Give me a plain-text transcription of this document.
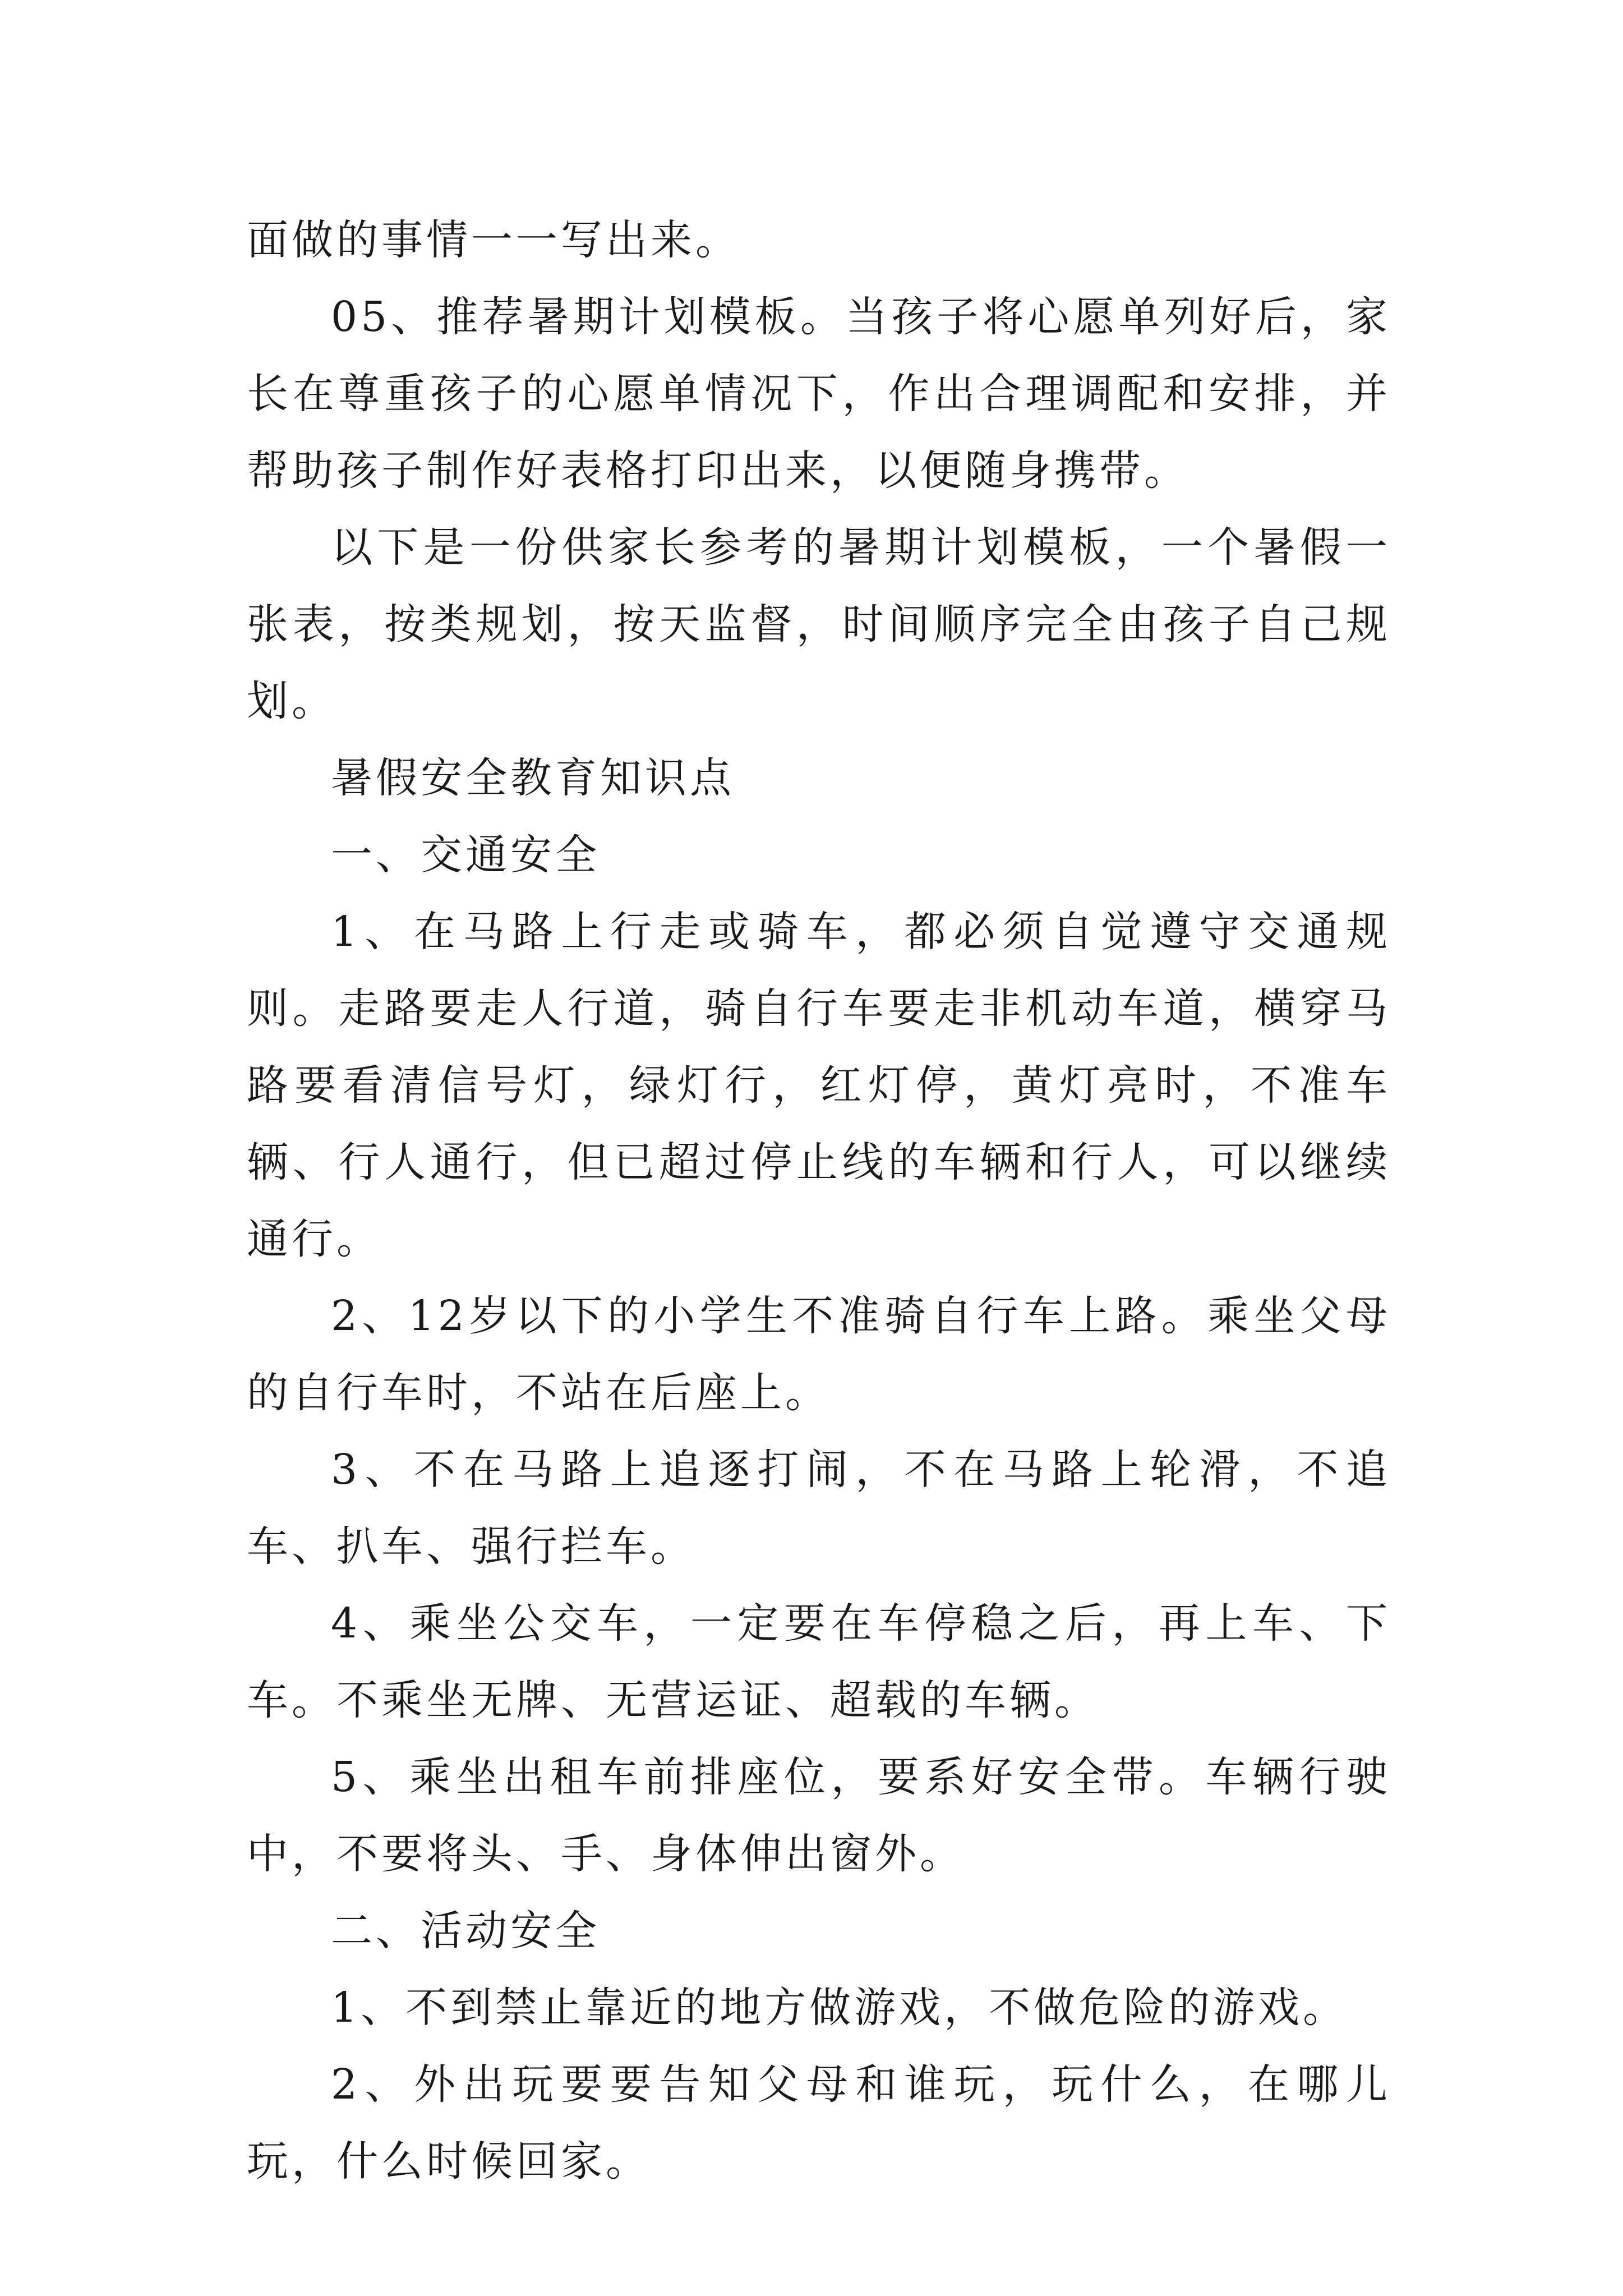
面做的事情一一写出来。

05、推荐暑期计划模板。当孩子将心愿单列好后，家长在尊重孩子的心愿单情况下，作出合理调配和安排，并帮助孩子制作好表格打印出来，以便随身携带。

以下是一份供家长参考的暑期计划模板，一个暑假一张表，按类规划，按天监督，时间顺序完全由孩子自己规划。

暑假安全教育知识点

一、交通安全

1、在马路上行走或骑车，都必须自觉遵守交通规则。走路要走人行道，骑自行车要走非机动车道，横穿马路要看清信号灯，绿灯行，红灯停，黄灯亮时，不准车辆、行人通行，但已超过停止线的车辆和行人，可以继续通行。

2、12岁以下的小学生不准骑自行车上路。乘坐父母的自行车时，不站在后座上。

3、不在马路上追逐打闹，不在马路上轮滑，不追车、扒车、强行拦车。

4、乘坐公交车，一定要在车停稳之后，再上车、下车。不乘坐无牌、无营运证、超载的车辆。

5、乘坐出租车前排座位，要系好安全带。车辆行驶中，不要将头、手、身体伸出窗外。

二、活动安全

1、不到禁止靠近的地方做游戏，不做危险的游戏。

2、外出玩要要告知父母和谁玩，玩什么，在哪儿玩，什么时候回家。
